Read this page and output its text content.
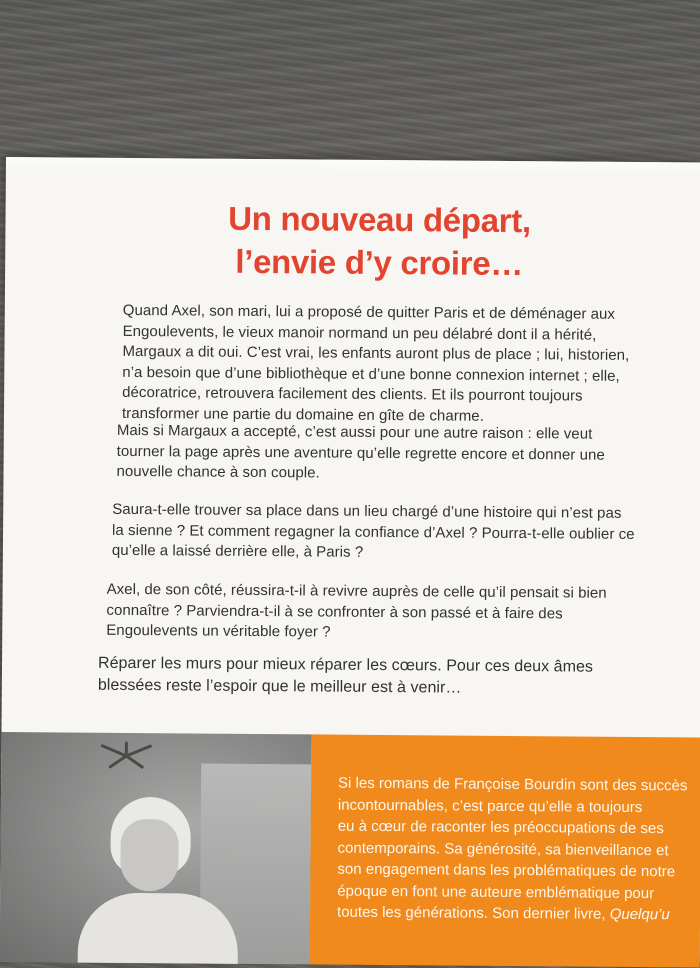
Un nouveau départ,
l’envie d’y croire…

Quand Axel, son mari, lui a proposé de quitter Paris et de déménager aux Engoulevents, le vieux manoir normand un peu délabré dont il a hérité, Margaux a dit oui. C’est vrai, les enfants auront plus de place ; lui, historien, n’a besoin que d’une bibliothèque et d’une bonne connexion internet ; elle, décoratrice, retrouvera facilement des clients. Et ils pourront toujours transformer une partie du domaine en gîte de charme.

Mais si Margaux a accepté, c’est aussi pour une autre raison : elle veut tourner la page après une aventure qu’elle regrette encore et donner une nouvelle chance à son couple.

Saura-t-elle trouver sa place dans un lieu chargé d’une histoire qui n’est pas la sienne ? Et comment regagner la confiance d’Axel ? Pourra-t-elle oublier ce qu’elle a laissé derrière elle, à Paris ?

Axel, de son côté, réussira-t-il à revivre auprès de celle qu’il pensait si bien connaître ? Parviendra-t-il à se confronter à son passé et à faire des Engoulevents un véritable foyer ?

Réparer les murs pour mieux réparer les cœurs. Pour ces deux âmes blessées reste l’espoir que le meilleur est à venir…

Si les romans de Françoise Bourdin sont des succès
incontournables, c’est parce qu’elle a toujours
eu à cœur de raconter les préoccupations de ses
contemporains. Sa générosité, sa bienveillance et
son engagement dans les problématiques de notre
époque en font une auteure emblématique pour
toutes les générations. Son dernier livre, Quelqu’u
